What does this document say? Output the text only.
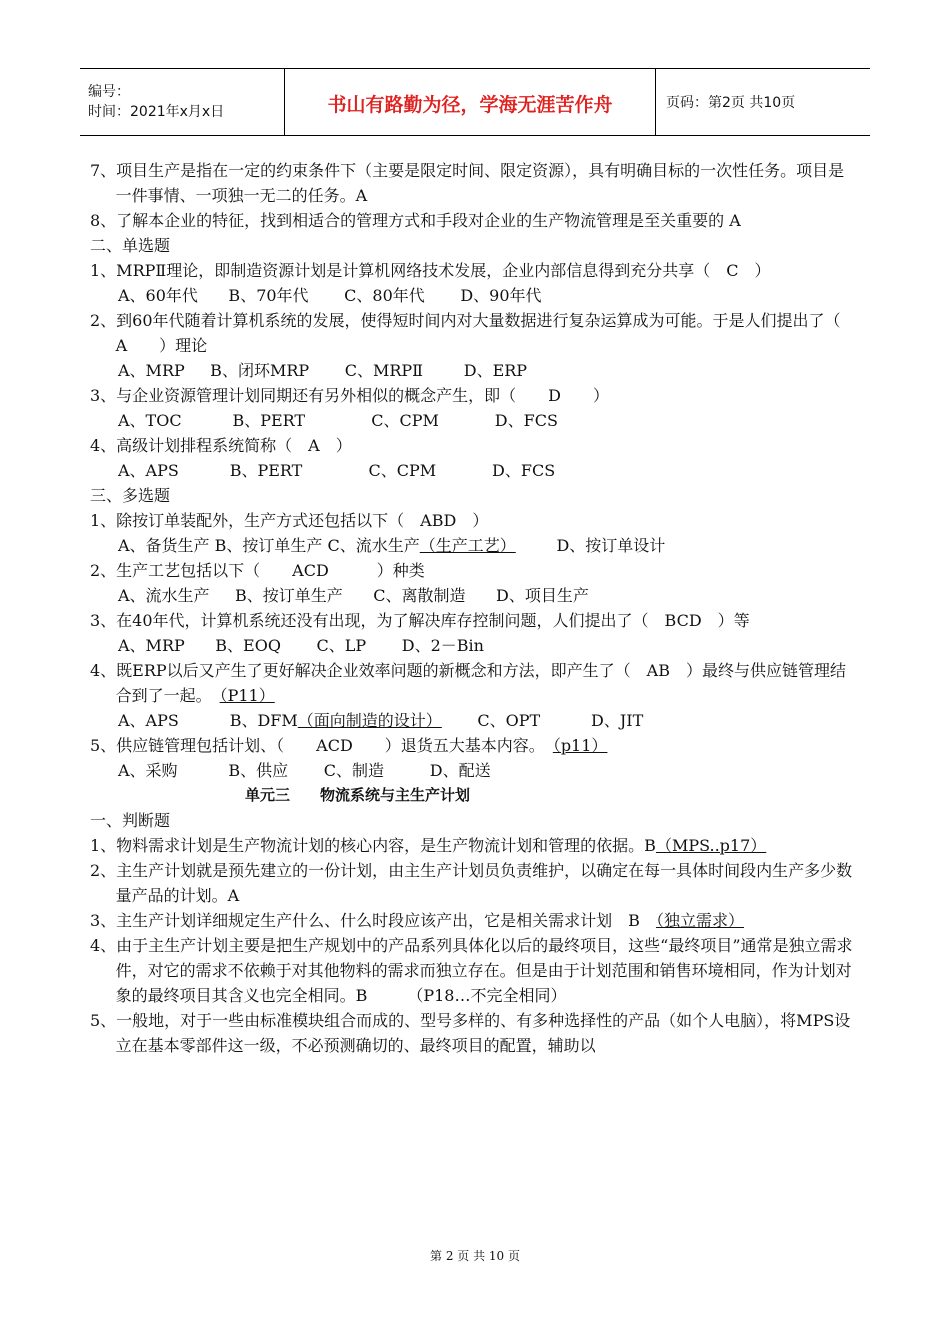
编号：
时间：2021年x月x日	书山有路勤为径，学海无涯苦作舟	页码：第2页 共10页

7、项目生产是指在一定的约束条件下（主要是限定时间、限定资源），具有明确目标的一次性任务。项目是一件事情、一项独一无二的任务。A

8、了解本企业的特征，找到相适合的管理方式和手段对企业的生产物流管理是至关重要的 A

二、单选题

1、MRPⅡ理论，即制造资源计划是计算机网络技术发展，企业内部信息得到充分共享（　C　）

A、60年代      B、70年代       C、80年代       D、90年代

2、到60年代随着计算机系统的发展，使得短时间内对大量数据进行复杂运算成为可能。于是人们提出了（　　A　　）理论

A、MRP     B、闭环MRP       C、MRPⅡ        D、ERP

3、与企业资源管理计划同期还有另外相似的概念产生，即（　　D　　）

A、TOC          B、PERT             C、CPM           D、FCS

4、高级计划排程系统简称（　A　）

A、APS          B、PERT             C、CPM           D、FCS

三、多选题

1、除按订单装配外，生产方式还包括以下（　ABD　）

A、备货生产 B、按订单生产 C、流水生产（生产工艺）        D、按订单设计

2、生产工艺包括以下（　　ACD　　　）种类

A、流水生产     B、按订单生产      C、离散制造      D、项目生产

3、在40年代，计算机系统还没有出现，为了解决库存控制问题，人们提出了（　BCD　）等

A、MRP      B、EOQ       C、LP       D、2－Bin

4、既ERP以后又产生了更好解决企业效率问题的新概念和方法，即产生了（　AB　）最终与供应链管理结合到了一起。　（P11）

A、APS          B、DFM（面向制造的设计）       C、OPT          D、JIT

5、供应链管理包括计划、（　　ACD　　）退货五大基本内容。　（p11）

A、采购          B、供应       C、制造         D、配送

单元三　　物流系统与主生产计划

一、判断题

1、物料需求计划是生产物流计划的核心内容，是生产物流计划和管理的依据。B（MPS..p17）

2、主生产计划就是预先建立的一份计划，由主生产计划员负责维护，以确定在每一具体时间段内生产多少数量产品的计划。A

3、主生产计划详细规定生产什么、什么时段应该产出，它是相关需求计划　B　（独立需求）

4、由于主生产计划主要是把生产规划中的产品系列具体化以后的最终项目，这些“最终项目”通常是独立需求件，对它的需求不依赖于对其他物料的需求而独立存在。但是由于计划范围和销售环境相同，作为计划对象的最终项目其含义也完全相同。B　　　（P18…不完全相同）

5、一般地，对于一些由标准模块组合而成的、型号多样的、有多种选择性的产品（如个人电脑），将MPS设立在基本零部件这一级，不必预测确切的、最终项目的配置，辅助以

第 2 页 共 10 页
